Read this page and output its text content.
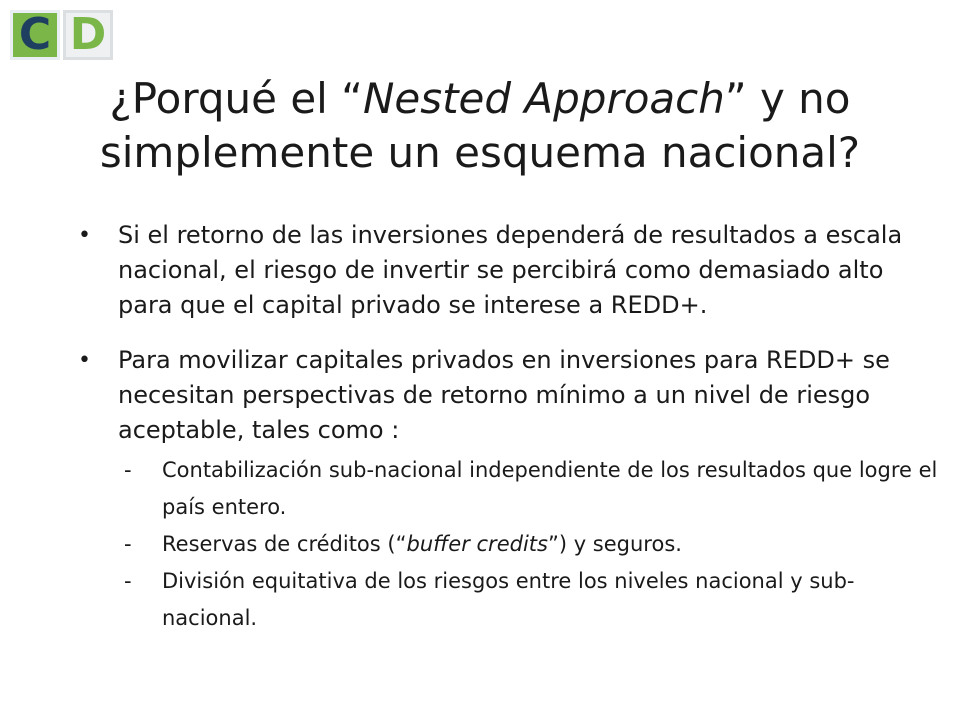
C D
¿Porqué el “Nested Approach” y no
simplemente un esquema nacional?
• Si el retorno de las inversiones dependerá de resultados a escala nacional, el riesgo de invertir se percibirá como demasiado alto para que el capital privado se interese a REDD+.
• Para movilizar capitales privados en inversiones para REDD+ se necesitan perspectivas de retorno mínimo a un nivel de riesgo aceptable, tales como :
- Contabilización sub-nacional independiente de los resultados que logre el país entero.
- Reservas de créditos (“buffer credits”) y seguros.
- División equitativa de los riesgos entre los niveles nacional y sub-nacional.
